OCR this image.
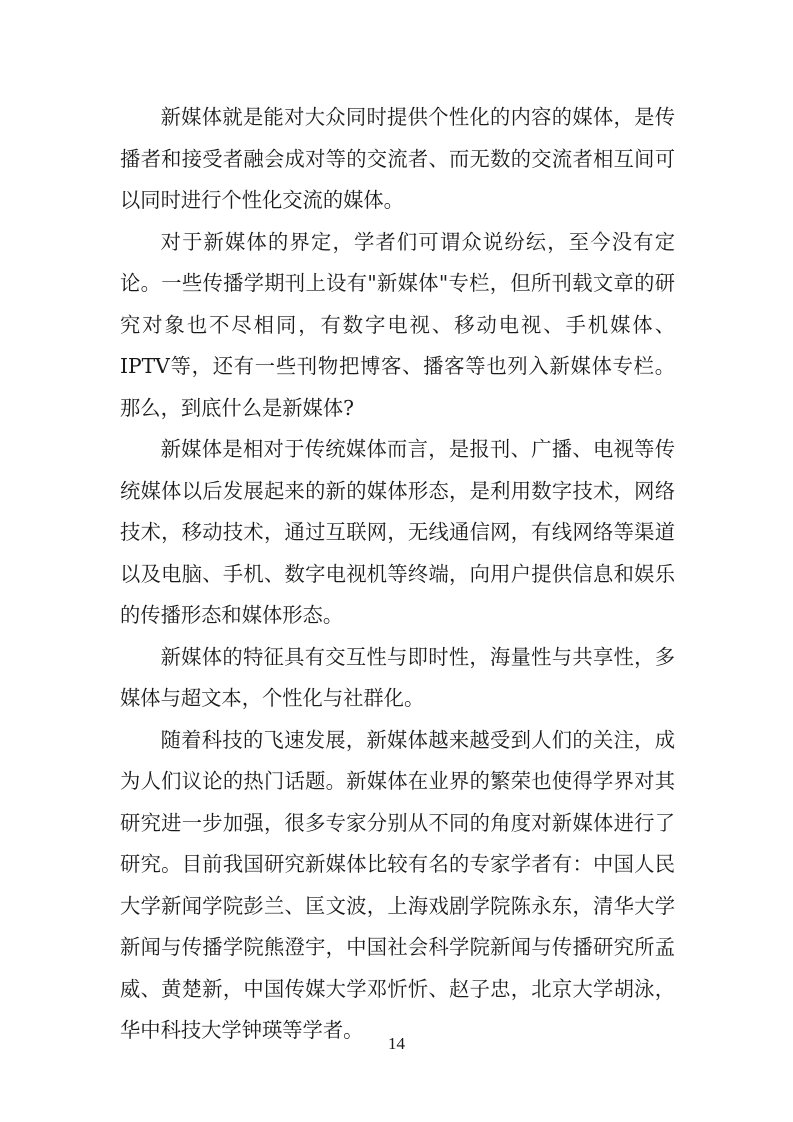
新媒体就是能对大众同时提供个性化的内容的媒体，是传播者和接受者融会成对等的交流者、而无数的交流者相互间可以同时进行个性化交流的媒体。

对于新媒体的界定，学者们可谓众说纷纭，至今没有定论。一些传播学期刊上设有"新媒体"专栏，但所刊载文章的研究对象也不尽相同，有数字电视、移动电视、手机媒体、IPTV等，还有一些刊物把博客、播客等也列入新媒体专栏。那么，到底什么是新媒体?

新媒体是相对于传统媒体而言，是报刊、广播、电视等传统媒体以后发展起来的新的媒体形态，是利用数字技术，网络技术，移动技术，通过互联网，无线通信网，有线网络等渠道以及电脑、手机、数字电视机等终端，向用户提供信息和娱乐的传播形态和媒体形态。

新媒体的特征具有交互性与即时性，海量性与共享性，多媒体与超文本，个性化与社群化。

随着科技的飞速发展，新媒体越来越受到人们的关注，成为人们议论的热门话题。新媒体在业界的繁荣也使得学界对其研究进一步加强，很多专家分别从不同的角度对新媒体进行了研究。目前我国研究新媒体比较有名的专家学者有：中国人民大学新闻学院彭兰、匡文波，上海戏剧学院陈永东，清华大学新闻与传播学院熊澄宇，中国社会科学院新闻与传播研究所孟威、黄楚新，中国传媒大学邓忻忻、赵子忠，北京大学胡泳，华中科技大学钟瑛等学者。

14
